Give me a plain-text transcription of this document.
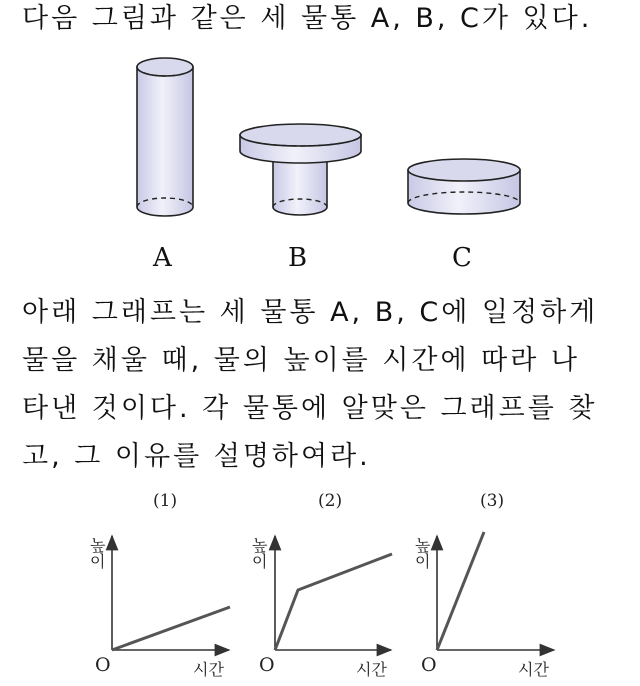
다음 그림과 같은 세 물통 A, B, C가 있다.
A	B	C
(1)
높
이
O	시간
(2)
높
이
O	시간
(3)
높
이
O	시간
아래 그래프는 세 물통 A, B, C에 일정하게
물을 채울 때, 물의 높이를 시간에 따라 나
타낸 것이다. 각 물통에 알맞은 그래프를 찾
고, 그 이유를 설명하여라.
